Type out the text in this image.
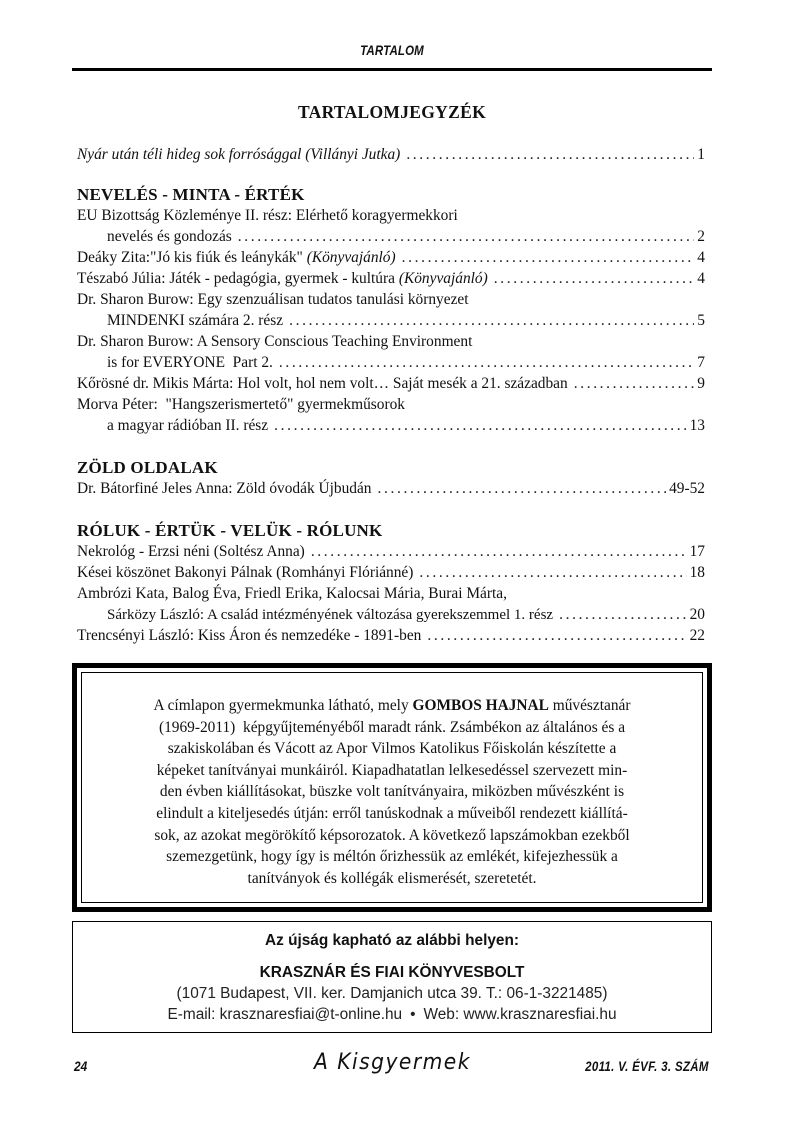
TARTALOM
TARTALOMJEGYZÉK
Nyár után téli hideg sok forrósággal (Villányi Jutka) . . .	1
NEVELÉS - MINTA - ÉRTÉK
EU Bizottság Közleménye II. rész: Elérhető koragyermekkori
nevelés és gondozás . . .	2
Deáky Zita:"Jó kis fiúk és leánykák" (Könyvajánló) . . .	4
Tészabó Júlia: Játék - pedagógia, gyermek - kultúra (Könyvajánló) . . .	4
Dr. Sharon Burow: Egy szenzuálisan tudatos tanulási környezet
MINDENKI számára 2. rész . . .	5
Dr. Sharon Burow: A Sensory Conscious Teaching Environment
is for EVERYONE  Part 2. . . .	7
Kőrösné dr. Mikis Márta: Hol volt, hol nem volt… Saját mesék a 21. században . . .	9
Morva Péter:  "Hangszerismertető" gyermekműsorok
a magyar rádióban II. rész . . .	13
ZÖLD OLDALAK
Dr. Bátorfiné Jeles Anna: Zöld óvodák Újbudán . . .	49-52
RÓLUK - ÉRTÜK - VELÜK - RÓLUNK
Nekrológ - Erzsi néni (Soltész Anna) . . .	17
Kései köszönet Bakonyi Pálnak (Romhányi Flóriánné) . . .	18
Ambrózi Kata, Balog Éva, Friedl Erika, Kalocsai Mária, Burai Márta,
Sárközy László: A család intézményének változása gyerekszemmel 1. rész . . .	20
Trencsényi László: Kiss Áron és nemzedéke - 1891-ben . . .	22
A címlapon gyermekmunka látható, mely GOMBOS HAJNAL művésztanár
(1969-2011)  képgyűjteményéből maradt ránk. Zsámbékon az általános és a
szakiskolában és Vácott az Apor Vilmos Katolikus Főiskolán készítette a
képeket tanítványai munkáiról. Kiapadhatatlan lelkesedéssel szervezett min-
den évben kiállításokat, büszke volt tanítványaira, miközben művészként is
elindult a kiteljesedés útján: erről tanúskodnak a műveiből rendezett kiállítá-
sok, az azokat megörökítő képsorozatok. A következő lapszámokban ezekből
szemezgetünk, hogy így is méltón őrizhessük az emlékét, kifejezhessük a
tanítványok és kollégák elismerését, szeretetét.
Az újság kapható az alábbi helyen:
KRASZNÁR ÉS FIAI KÖNYVESBOLT
(1071 Budapest, VII. ker. Damjanich utca 39. T.: 06-1-3221485)
E-mail: krasznaresfiai@t-online.hu • Web: www.krasznaresfiai.hu
24	A Kisgyermek	2011. V. ÉVF. 3. SZÁM
